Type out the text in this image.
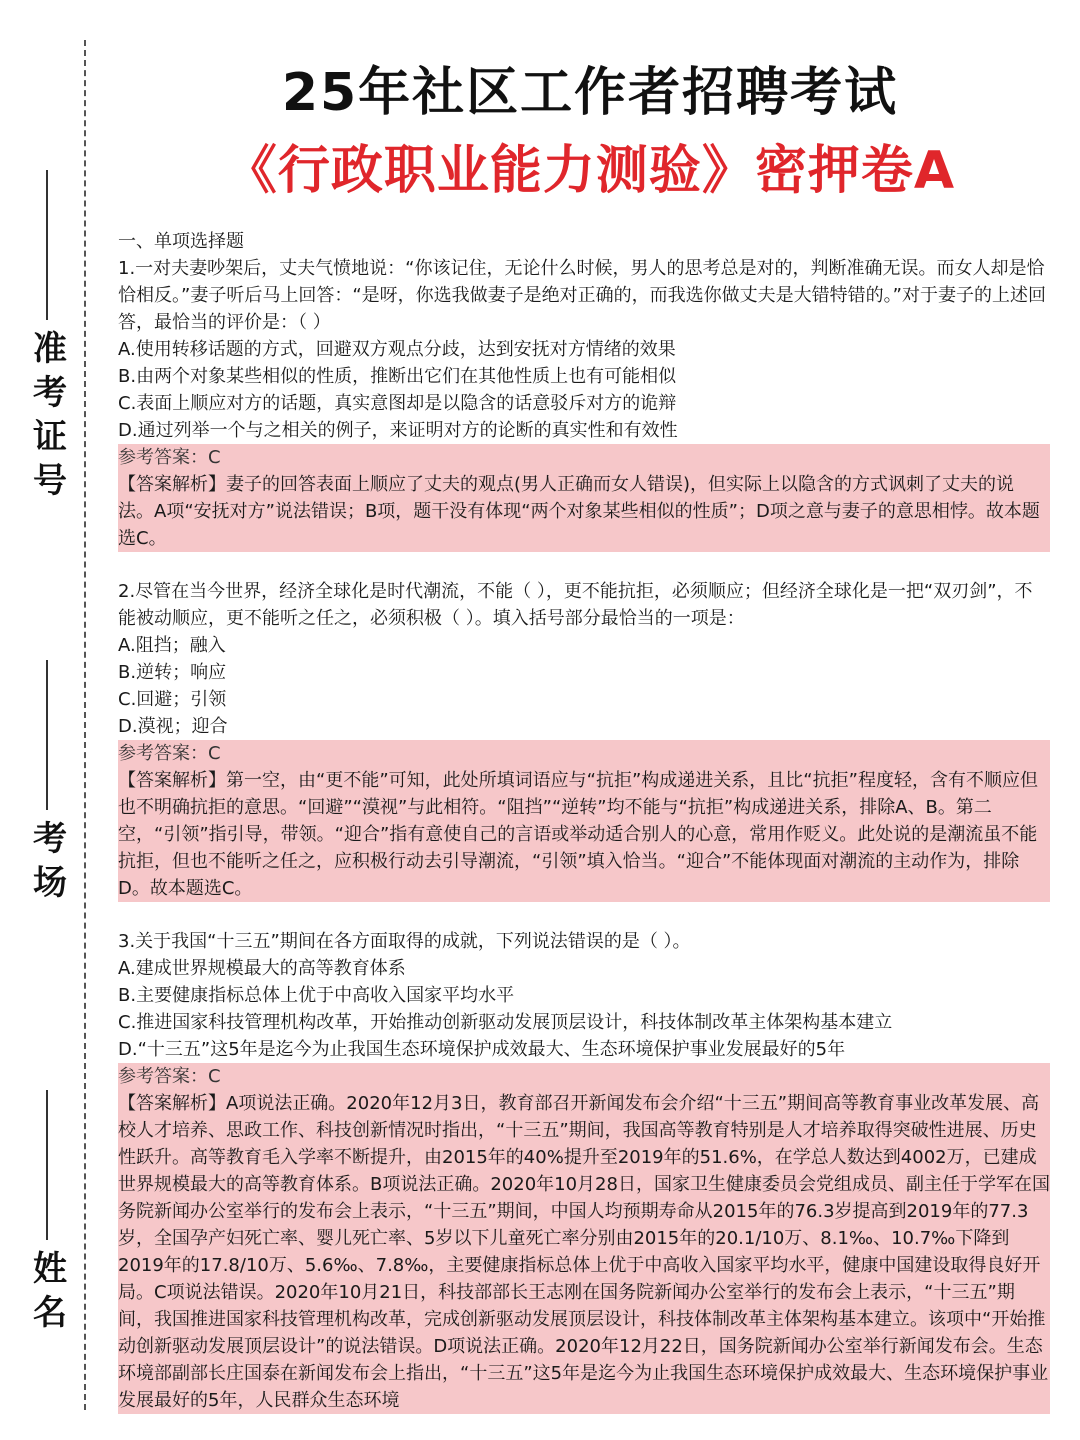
准考证号
考场
姓名
25年社区工作者招聘考试
《行政职业能力测验》密押卷A

一、单项选择题

1.一对夫妻吵架后，丈夫气愤地说：“你该记住，无论什么时候，男人的思考总是对的，判断准确无误。而女人却是恰恰相反。”妻子听后马上回答：“是呀，你选我做妻子是绝对正确的，而我选你做丈夫是大错特错的。”对于妻子的上述回答，最恰当的评价是：（ ）

A.使用转移话题的方式，回避双方观点分歧，达到安抚对方情绪的效果

B.由两个对象某些相似的性质，推断出它们在其他性质上也有可能相似

C.表面上顺应对方的话题，真实意图却是以隐含的话意驳斥对方的诡辩

D.通过列举一个与之相关的例子，来证明对方的论断的真实性和有效性

参考答案：C

【答案解析】妻子的回答表面上顺应了丈夫的观点(男人正确而女人错误)，但实际上以隐含的方式讽刺了丈夫的说法。A项“安抚对方”说法错误；B项，题干没有体现“两个对象某些相似的性质”；D项之意与妻子的意思相悖。故本题选C。

2.尽管在当今世界，经济全球化是时代潮流，不能（ ），更不能抗拒，必须顺应；但经济全球化是一把“双刃剑”，不能被动顺应，更不能听之任之，必须积极（ ）。填入括号部分最恰当的一项是：

A.阻挡；融入

B.逆转；响应

C.回避；引领

D.漠视；迎合

参考答案：C

【答案解析】第一空，由“更不能”可知，此处所填词语应与“抗拒”构成递进关系，且比“抗拒”程度轻，含有不顺应但也不明确抗拒的意思。“回避”“漠视”与此相符。“阻挡”“逆转”均不能与“抗拒”构成递进关系，排除A、B。第二空，“引领”指引导，带领。“迎合”指有意使自己的言语或举动适合别人的心意，常用作贬义。此处说的是潮流虽不能抗拒，但也不能听之任之，应积极行动去引导潮流，“引领”填入恰当。“迎合”不能体现面对潮流的主动作为，排除D。故本题选C。

3.关于我国“十三五”期间在各方面取得的成就，下列说法错误的是（ ）。

A.建成世界规模最大的高等教育体系

B.主要健康指标总体上优于中高收入国家平均水平

C.推进国家科技管理机构改革，开始推动创新驱动发展顶层设计，科技体制改革主体架构基本建立

D.“十三五”这5年是迄今为止我国生态环境保护成效最大、生态环境保护事业发展最好的5年

参考答案：C

【答案解析】A项说法正确。2020年12月3日，教育部召开新闻发布会介绍“十三五”期间高等教育事业改革发展、高校人才培养、思政工作、科技创新情况时指出，“十三五”期间，我国高等教育特别是人才培养取得突破性进展、历史性跃升。高等教育毛入学率不断提升，由2015年的40%提升至2019年的51.6%，在学总人数达到4002万，已建成世界规模最大的高等教育体系。B项说法正确。2020年10月28日，国家卫生健康委员会党组成员、副主任于学军在国务院新闻办公室举行的发布会上表示，“十三五”期间，中国人均预期寿命从2015年的76.3岁提高到2019年的77.3岁，全国孕产妇死亡率、婴儿死亡率、5岁以下儿童死亡率分别由2015年的20.1/10万、8.1‰、10.7‰下降到2019年的17.8/10万、5.6‰、7.8‰，主要健康指标总体上优于中高收入国家平均水平，健康中国建设取得良好开局。C项说法错误。2020年10月21日，科技部部长王志刚在国务院新闻办公室举行的发布会上表示，“十三五”期间，我国推进国家科技管理机构改革，完成创新驱动发展顶层设计，科技体制改革主体架构基本建立。该项中“开始推动创新驱动发展顶层设计”的说法错误。D项说法正确。2020年12月22日，国务院新闻办公室举行新闻发布会。生态环境部副部长庄国泰在新闻发布会上指出，“十三五”这5年是迄今为止我国生态环境保护成效最大、生态环境保护事业发展最好的5年，人民群众生态环境
